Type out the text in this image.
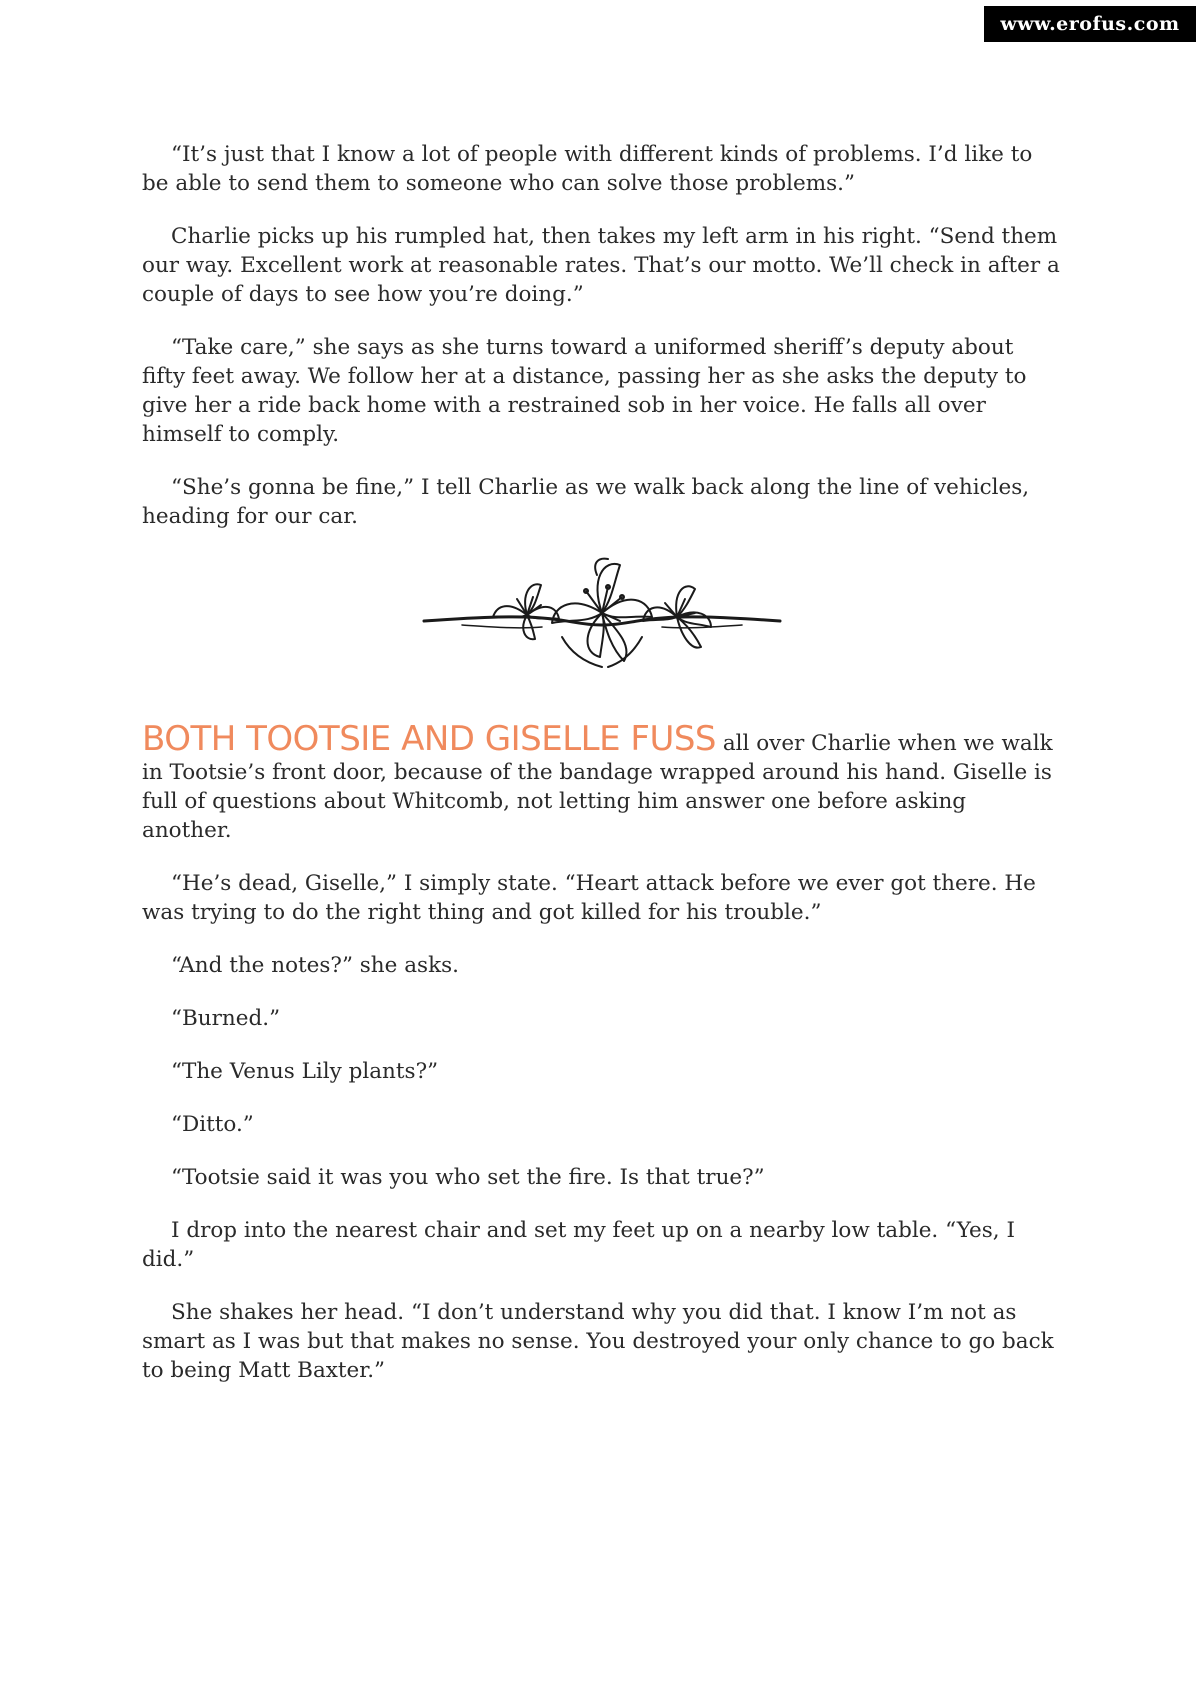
www.erofus.com

“It’s just that I know a lot of people with different kinds of problems. I’d like to be able to send them to someone who can solve those problems.”

Charlie picks up his rumpled hat, then takes my left arm in his right. “Send them our way. Excellent work at reasonable rates. That’s our motto. We’ll check in after a couple of days to see how you’re doing.”

“Take care,” she says as she turns toward a uniformed sheriff’s deputy about fifty feet away. We follow her at a distance, passing her as she asks the deputy to give her a ride back home with a restrained sob in her voice. He falls all over himself to comply.

“She’s gonna be fine,” I tell Charlie as we walk back along the line of vehicles, heading for our car.

BOTH TOOTSIE AND GISELLE FUSS all over Charlie when we walk in Tootsie’s front door, because of the bandage wrapped around his hand. Giselle is full of questions about Whitcomb, not letting him answer one before asking another.

“He’s dead, Giselle,” I simply state. “Heart attack before we ever got there. He was trying to do the right thing and got killed for his trouble.”

“And the notes?” she asks.

“Burned.”

“The Venus Lily plants?”

“Ditto.”

“Tootsie said it was you who set the fire. Is that true?”

I drop into the nearest chair and set my feet up on a nearby low table. “Yes, I did.”

She shakes her head. “I don’t understand why you did that. I know I’m not as smart as I was but that makes no sense. You destroyed your only chance to go back to being Matt Baxter.”
